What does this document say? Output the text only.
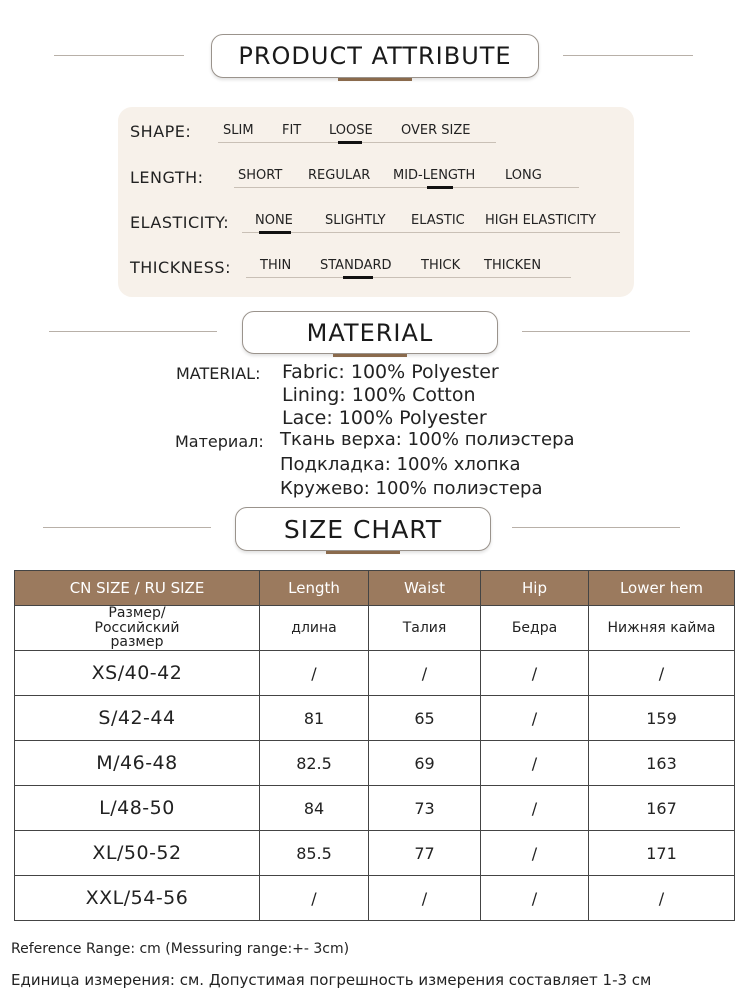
PRODUCT ATTRIBUTE
SHAPE: SLIM FIT LOOSE OVER SIZE
LENGTH:	SHORT REGULAR MID-LENGTH LONG
ELASTICITY: NONE SLIGHTLY ELASTIC HIGH ELASTICITY
THICKNESS: THIN STANDARD THICK THICKEN
MATERIAL
MATERIAL: Fabric: 100% Polyester
Lining: 100% Cotton
Lace: 100% Polyester
Материал: Ткань верха: 100% полиэстера
Подкладка: 100% хлопка
Кружево: 100% полиэстера
SIZE CHART
CN SIZE / RU SIZE	Length	Waist	Hip	Lower hem
Размер/Российский размер	длина	Талия	Бедра	Нижняя кайма
XS/40-42	/	/	/	/
S/42-44	81	65	/	159
M/46-48	82.5	69	/	163
L/48-50	84	73	/	167
XL/50-52	85.5	77	/	171
XXL/54-56	/	/	/	/
Reference Range: cm (Messuring range:+- 3cm)
Единица измерения: см. Допустимая погрешность измерения составляет 1-3 см
